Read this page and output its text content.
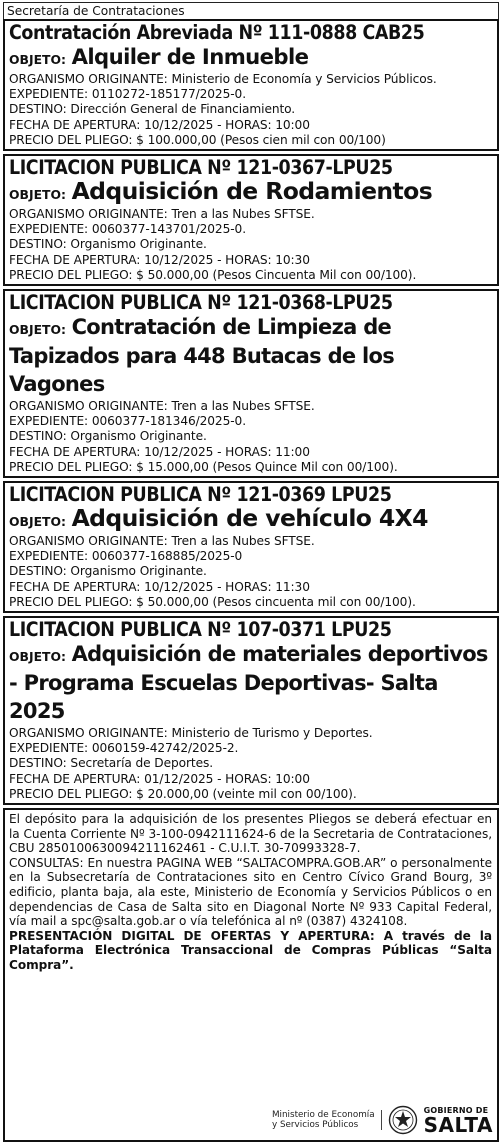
Secretaría de Contrataciones
Contratación Abreviada Nº 111-0888 CAB25
OBJETO: Alquiler de Inmueble
ORGANISMO ORIGINANTE: Ministerio de Economía y Servicios Públicos.
EXPEDIENTE: 0110272-185177/2025-0.
DESTINO: Dirección General de Financiamiento.
FECHA DE APERTURA: 10/12/2025 - HORAS: 10:00
PRECIO DEL PLIEGO: $ 100.000,00 (Pesos cien mil con 00/100)
LICITACION PUBLICA Nº 121-0367-LPU25
OBJETO: Adquisición de Rodamientos
ORGANISMO ORIGINANTE: Tren a las Nubes SFTSE.
EXPEDIENTE: 0060377-143701/2025-0.
DESTINO: Organismo Originante.
FECHA DE APERTURA: 10/12/2025 - HORAS: 10:30
PRECIO DEL PLIEGO: $ 50.000,00 (Pesos Cincuenta Mil con 00/100).
LICITACION PUBLICA Nº 121-0368-LPU25
OBJETO: Contratación de Limpieza de Tapizados para 448 Butacas de los Vagones
ORGANISMO ORIGINANTE: Tren a las Nubes SFTSE.
EXPEDIENTE: 0060377-181346/2025-0.
DESTINO: Organismo Originante.
FECHA DE APERTURA: 10/12/2025 - HORAS: 11:00
PRECIO DEL PLIEGO: $ 15.000,00 (Pesos Quince Mil con 00/100).
LICITACION PUBLICA Nº 121-0369 LPU25
OBJETO: Adquisición de vehículo 4X4
ORGANISMO ORIGINANTE: Tren a las Nubes SFTSE.
EXPEDIENTE: 0060377-168885/2025-0
DESTINO: Organismo Originante.
FECHA DE APERTURA: 10/12/2025 - HORAS: 11:30
PRECIO DEL PLIEGO: $ 50.000,00 (Pesos cincuenta mil con 00/100).
LICITACION PUBLICA Nº 107-0371 LPU25
OBJETO: Adquisición de materiales deportivos - Programa Escuelas Deportivas- Salta 2025
ORGANISMO ORIGINANTE: Ministerio de Turismo y Deportes.
EXPEDIENTE: 0060159-42742/2025-2.
DESTINO: Secretaría de Deportes.
FECHA DE APERTURA: 01/12/2025 - HORAS: 10:00
PRECIO DEL PLIEGO: $ 20.000,00 (veinte mil con 00/100).

El depósito para la adquisición de los presentes Pliegos se deberá efectuar en la Cuenta Corriente Nº 3-100-0942111624-6 de la Secretaria de Contrataciones, CBU 2850100630094211162461 - C.U.I.T. 30-70993328-7.

CONSULTAS: En nuestra PAGINA WEB “SALTACOMPRA.GOB.AR” o personalmente en la Subsecretaría de Contrataciones sito en Centro Cívico Grand Bourg, 3º edificio, planta baja, ala este, Ministerio de Economía y Servicios Públicos o en dependencias de Casa de Salta sito en Diagonal Norte Nº 933 Capital Federal, vía mail a spc@salta.gob.ar o vía telefónica al nº (0387) 4324108.

PRESENTACIÓN DIGITAL DE OFERTAS Y APERTURA: A través de la Plataforma Electrónica Transaccional de Compras Públicas “Salta Compra”.

Ministerio de Economía
y Servicios Públicos
GOBIERNO DE
SALTA
